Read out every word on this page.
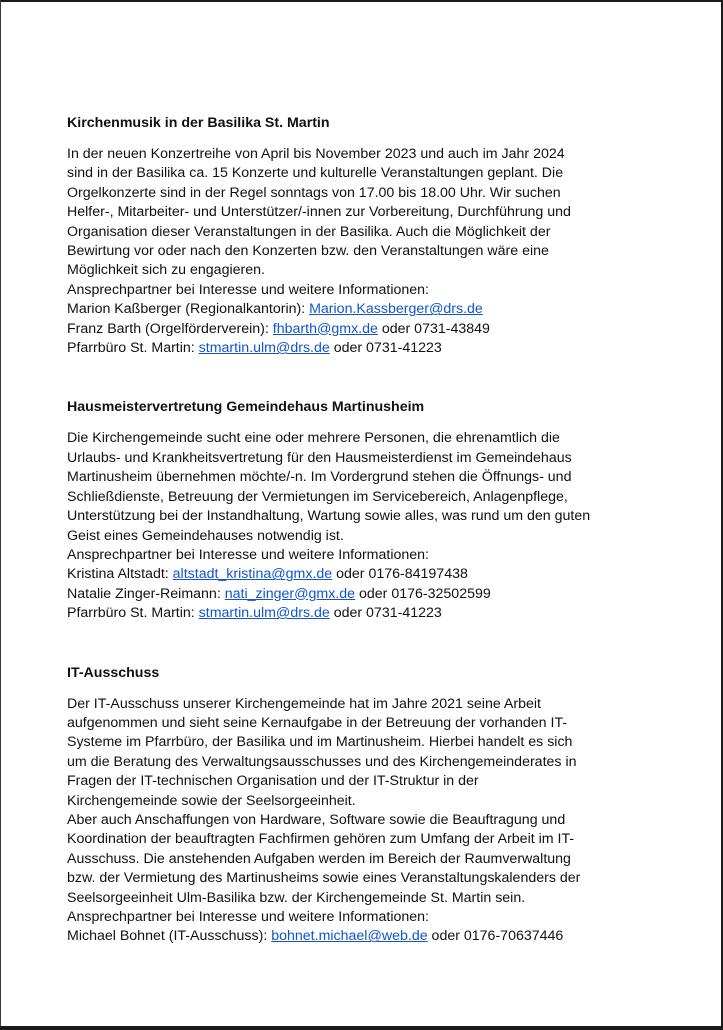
Kirchenmusik in der Basilika St. Martin

In der neuen Konzertreihe von April bis November 2023 und auch im Jahr 2024
sind in der Basilika ca. 15 Konzerte und kulturelle Veranstaltungen geplant. Die
Orgelkonzerte sind in der Regel sonntags von 17.00 bis 18.00 Uhr. Wir suchen
Helfer-, Mitarbeiter- und Unterstützer/-innen zur Vorbereitung, Durchführung und
Organisation dieser Veranstaltungen in der Basilika. Auch die Möglichkeit der
Bewirtung vor oder nach den Konzerten bzw. den Veranstaltungen wäre eine
Möglichkeit sich zu engagieren.
Ansprechpartner bei Interesse und weitere Informationen:
Marion Kaßberger (Regionalkantorin): Marion.Kassberger@drs.de
Franz Barth (Orgelförderverein): fhbarth@gmx.de oder 0731-43849
Pfarrbüro St. Martin: stmartin.ulm@drs.de oder 0731-41223

Hausmeistervertretung Gemeindehaus Martinusheim

Die Kirchengemeinde sucht eine oder mehrere Personen, die ehrenamtlich die
Urlaubs- und Krankheitsvertretung für den Hausmeisterdienst im Gemeindehaus
Martinusheim übernehmen möchte/-n. Im Vordergrund stehen die Öffnungs- und
Schließdienste, Betreuung der Vermietungen im Servicebereich, Anlagenpflege,
Unterstützung bei der Instandhaltung, Wartung sowie alles, was rund um den guten
Geist eines Gemeindehauses notwendig ist.
Ansprechpartner bei Interesse und weitere Informationen:
Kristina Altstadt: altstadt_kristina@gmx.de oder 0176-84197438
Natalie Zinger-Reimann: nati_zinger@gmx.de oder 0176-32502599
Pfarrbüro St. Martin: stmartin.ulm@drs.de oder 0731-41223

IT-Ausschuss

Der IT-Ausschuss unserer Kirchengemeinde hat im Jahre 2021 seine Arbeit
aufgenommen und sieht seine Kernaufgabe in der Betreuung der vorhanden IT-
Systeme im Pfarrbüro, der Basilika und im Martinusheim. Hierbei handelt es sich
um die Beratung des Verwaltungsausschusses und des Kirchengemeinderates in
Fragen der IT-technischen Organisation und der IT-Struktur in der
Kirchengemeinde sowie der Seelsorgeeinheit.
Aber auch Anschaffungen von Hardware, Software sowie die Beauftragung und
Koordination der beauftragten Fachfirmen gehören zum Umfang der Arbeit im IT-
Ausschuss. Die anstehenden Aufgaben werden im Bereich der Raumverwaltung
bzw. der Vermietung des Martinusheims sowie eines Veranstaltungskalenders der
Seelsorgeeinheit Ulm-Basilika bzw. der Kirchengemeinde St. Martin sein.
Ansprechpartner bei Interesse und weitere Informationen:
Michael Bohnet (IT-Ausschuss): bohnet.michael@web.de oder 0176-70637446
